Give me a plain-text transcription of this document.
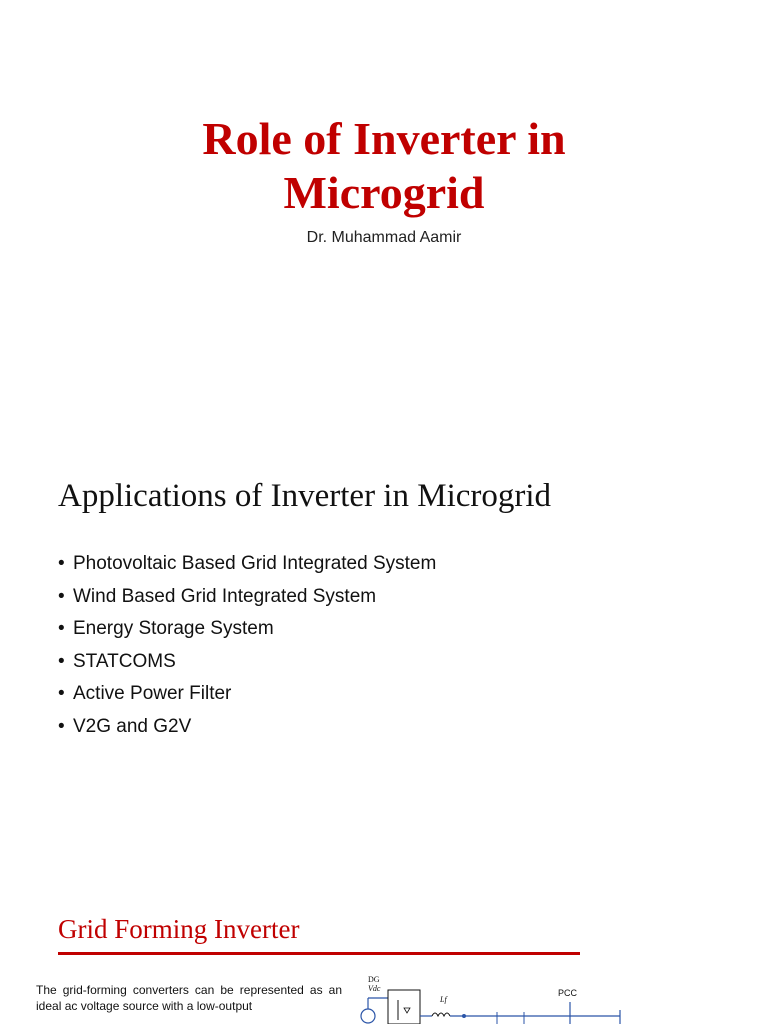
Role of Inverter in
Microgrid
Dr. Muhammad Aamir
Applications of Inverter in Microgrid
• Photovoltaic Based Grid Integrated System
• Wind Based Grid Integrated System
• Energy Storage System
• STATCOMS
• Active Power Filter
• V2G and G2V
Grid Forming Inverter
The grid-forming converters can be represented as an ideal ac voltage source with a low-output
DG
Vdc
Lf
PCC
